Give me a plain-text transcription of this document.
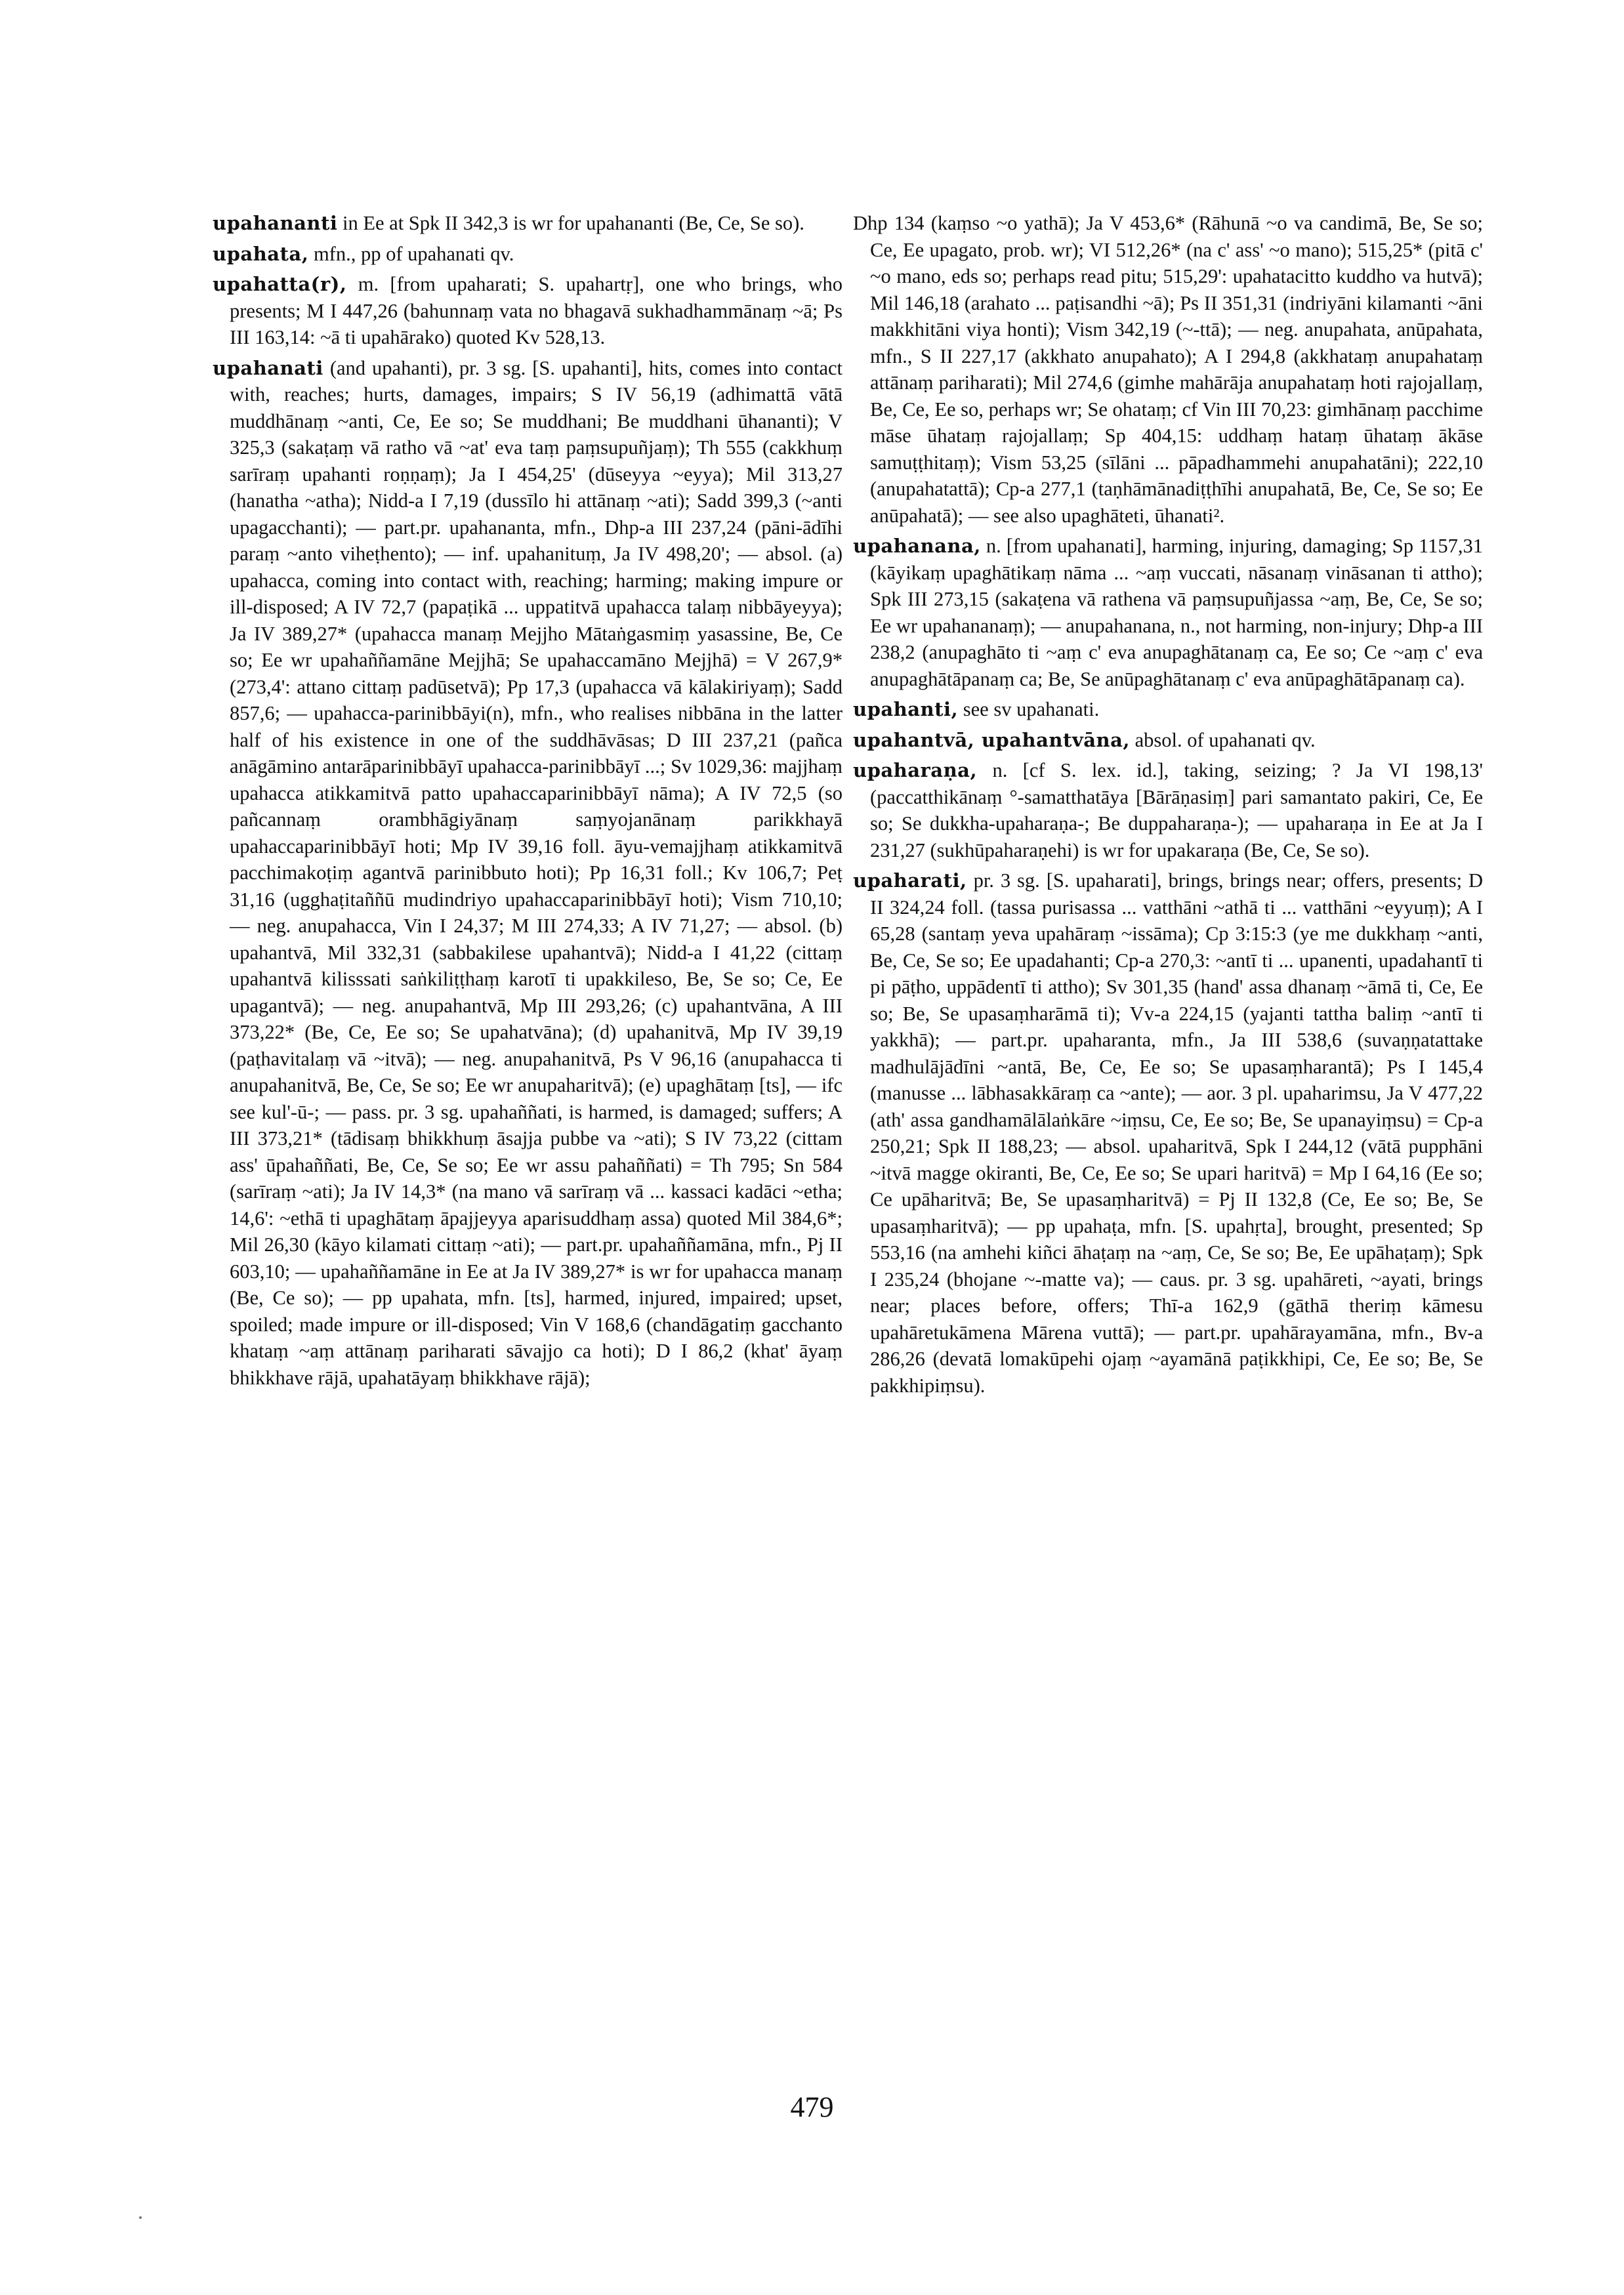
upahananti in Ee at Spk II 342,3 is wr for upahananti (Be, Ce, Se so).

upahata, mfn., pp of upahanati qv.

upahatta(r), m. [from upaharati; S. upahartṛ], one who brings, who presents; M I 447,26 (bahunnaṃ vata no bhagavā sukhadhammānaṃ ~ā; Ps III 163,14: ~ā ti upahārako) quoted Kv 528,13.

upahanati (and upahanti), pr. 3 sg. [S. upahanti], hits, comes into contact with, reaches; hurts, damages, impairs; S IV 56,19 (adhimattā vātā muddhānaṃ ~anti, Ce, Ee so; Se muddhani; Be muddhani ūhananti); V 325,3 (sakaṭaṃ vā ratho vā ~at' eva taṃ paṃsupuñjaṃ); Th 555 (cakkhuṃ sarīraṃ upahanti roṇṇaṃ); Ja I 454,25' (dūseyya ~eyya); Mil 313,27 (hanatha ~atha); Nidd-a I 7,19 (dussīlo hi attānaṃ ~ati); Sadd 399,3 (~anti upagacchanti); — part.pr. upahananta, mfn., Dhp-a III 237,24 (pāni-ādīhi paraṃ ~anto viheṭhento); — inf. upahanituṃ, Ja IV 498,20'; — absol. (a) upahacca, coming into contact with, reaching; harming; making impure or ill-disposed; A IV 72,7 (papaṭikā ... uppatitvā upahacca talaṃ nibbāyeyya); Ja IV 389,27* (upahacca manaṃ Mejjho Mātaṅgasmiṃ yasassine, Be, Ce so; Ee wr upahaññamāne Mejjhā; Se upahaccamāno Mejjhā) = V 267,9* (273,4': attano cittaṃ padūsetvā); Pp 17,3 (upahacca vā kālakiriyaṃ); Sadd 857,6; — upahacca-parinibbāyi(n), mfn., who realises nibbāna in the latter half of his existence in one of the suddhāvāsas; D III 237,21 (pañca anāgāmino antarāparinibbāyī upahacca-parinibbāyī ...; Sv 1029,36: majjhaṃ upahacca atikkamitvā patto upahaccaparinibbāyī nāma); A IV 72,5 (so pañcannaṃ orambhāgiyānaṃ saṃyojanānaṃ parikkhayā upahaccaparinibbāyī hoti; Mp IV 39,16 foll. āyu-vemajjhaṃ atikkamitvā pacchimakoṭiṃ agantvā parinibbuto hoti); Pp 16,31 foll.; Kv 106,7; Peṭ 31,16 (ugghaṭitaññū mudindriyo upahaccaparinibbāyī hoti); Vism 710,10; — neg. anupahacca, Vin I 24,37; M III 274,33; A IV 71,27; — absol. (b) upahantvā, Mil 332,31 (sabbakilese upahantvā); Nidd-a I 41,22 (cittaṃ upahantvā kilisssati saṅkiliṭṭhaṃ karotī ti upakkileso, Be, Se so; Ce, Ee upagantvā); — neg. anupahantvā, Mp III 293,26; (c) upahantvāna, A III 373,22* (Be, Ce, Ee so; Se upahatvāna); (d) upahanitvā, Mp IV 39,19 (paṭhavitalaṃ vā ~itvā); — neg. anupahanitvā, Ps V 96,16 (anupahacca ti anupahanitvā, Be, Ce, Se so; Ee wr anupaharitvā); (e) upaghātaṃ [ts], — ifc see kul'-ū-; — pass. pr. 3 sg. upahaññati, is harmed, is damaged; suffers; A III 373,21* (tādisaṃ bhikkhuṃ āsajja pubbe va ~ati); S IV 73,22 (cittam ass' ūpahaññati, Be, Ce, Se so; Ee wr assu pahaññati) = Th 795; Sn 584 (sarīraṃ ~ati); Ja IV 14,3* (na mano vā sarīraṃ vā ... kassaci kadāci ~etha; 14,6': ~ethā ti upaghātaṃ āpajjeyya aparisuddhaṃ assa) quoted Mil 384,6*; Mil 26,30 (kāyo kilamati cittaṃ ~ati); — part.pr. upahaññamāna, mfn., Pj II 603,10; — upahaññamāne in Ee at Ja IV 389,27* is wr for upahacca manaṃ (Be, Ce so); — pp upahata, mfn. [ts], harmed, injured, impaired; upset, spoiled; made impure or ill-disposed; Vin V 168,6 (chandāgatiṃ gacchanto khataṃ ~aṃ attānaṃ pariharati sāvajjo ca hoti); D I 86,2 (khat' āyaṃ bhikkhave rājā, upahatāyaṃ bhikkhave rājā);

Dhp 134 (kaṃso ~o yathā); Ja V 453,6* (Rāhunā ~o va candimā, Be, Se so; Ce, Ee upagato, prob. wr); VI 512,26* (na c' ass' ~o mano); 515,25* (pitā c' ~o mano, eds so; perhaps read pitu; 515,29': upahatacitto kuddho va hutvā); Mil 146,18 (arahato ... paṭisandhi ~ā); Ps II 351,31 (indriyāni kilamanti ~āni makkhitāni viya honti); Vism 342,19 (~-ttā); — neg. anupahata, anūpahata, mfn., S II 227,17 (akkhato anupahato); A I 294,8 (akkhataṃ anupahataṃ attānaṃ pariharati); Mil 274,6 (gimhe mahārāja anupahataṃ hoti rajojallaṃ, Be, Ce, Ee so, perhaps wr; Se ohataṃ; cf Vin III 70,23: gimhānaṃ pacchime māse ūhataṃ rajojallaṃ; Sp 404,15: uddhaṃ hataṃ ūhataṃ ākāse samuṭṭhitaṃ); Vism 53,25 (sīlāni ... pāpadhammehi anupahatāni); 222,10 (anupahatattā); Cp-a 277,1 (taṇhāmānadiṭṭhīhi anupahatā, Be, Ce, Se so; Ee anūpahatā); — see also upaghāteti, ūhanati².

upahanana, n. [from upahanati], harming, injuring, damaging; Sp 1157,31 (kāyikaṃ upaghātikaṃ nāma ... ~aṃ vuccati, nāsanaṃ vināsanan ti attho); Spk III 273,15 (sakaṭena vā rathena vā paṃsupuñjassa ~aṃ, Be, Ce, Se so; Ee wr upahananaṃ); — anupahanana, n., not harming, non-injury; Dhp-a III 238,2 (anupaghāto ti ~aṃ c' eva anupaghātanaṃ ca, Ee so; Ce ~aṃ c' eva anupaghātāpanaṃ ca; Be, Se anūpaghātanaṃ c' eva anūpaghātāpanaṃ ca).

upahanti, see sv upahanati.

upahantvā, upahantvāna, absol. of upahanati qv.

upaharaṇa, n. [cf S. lex. id.], taking, seizing; ? Ja VI 198,13' (paccatthikānaṃ °-samatthatāya [Bārāṇasiṃ] pari samantato pakiri, Ce, Ee so; Se dukkha-upaharaṇa-; Be duppaharaṇa-); — upaharaṇa in Ee at Ja I 231,27 (sukhūpaharaṇehi) is wr for upakaraṇa (Be, Ce, Se so).

upaharati, pr. 3 sg. [S. upaharati], brings, brings near; offers, presents; D II 324,24 foll. (tassa purisassa ... vatthāni ~athā ti ... vatthāni ~eyyuṃ); A I 65,28 (santaṃ yeva upahāraṃ ~issāma); Cp 3:15:3 (ye me dukkhaṃ ~anti, Be, Ce, Se so; Ee upadahanti; Cp-a 270,3: ~antī ti ... upanenti, upadahantī ti pi pāṭho, uppādentī ti attho); Sv 301,35 (hand' assa dhanaṃ ~āmā ti, Ce, Ee so; Be, Se upasaṃharāmā ti); Vv-a 224,15 (yajanti tattha baliṃ ~antī ti yakkhā); — part.pr. upaharanta, mfn., Ja III 538,6 (suvaṇṇatattake madhulājādīni ~antā, Be, Ce, Ee so; Se upasaṃharantā); Ps I 145,4 (manusse ... lābhasakkāraṃ ca ~ante); — aor. 3 pl. upaharimsu, Ja V 477,22 (ath' assa gandhamālālaṅkāre ~iṃsu, Ce, Ee so; Be, Se upanayiṃsu) = Cp-a 250,21; Spk II 188,23; — absol. upaharitvā, Spk I 244,12 (vātā pupphāni ~itvā magge okiranti, Be, Ce, Ee so; Se upari haritvā) = Mp I 64,16 (Ee so; Ce upāharitvā; Be, Se upasaṃharitvā) = Pj II 132,8 (Ce, Ee so; Be, Se upasaṃharitvā); — pp upahaṭa, mfn. [S. upahṛta], brought, presented; Sp 553,16 (na amhehi kiñci āhaṭaṃ na ~aṃ, Ce, Se so; Be, Ee upāhaṭaṃ); Spk I 235,24 (bhojane ~-matte va); — caus. pr. 3 sg. upahāreti, ~ayati, brings near; places before, offers; Thī-a 162,9 (gāthā theriṃ kāmesu upahāretukāmena Mārena vuttā); — part.pr. upahārayamāna, mfn., Bv-a 286,26 (devatā lomakūpehi ojaṃ ~ayamānā paṭikkhipi, Ce, Ee so; Be, Se pakkhipiṃsu).

479
